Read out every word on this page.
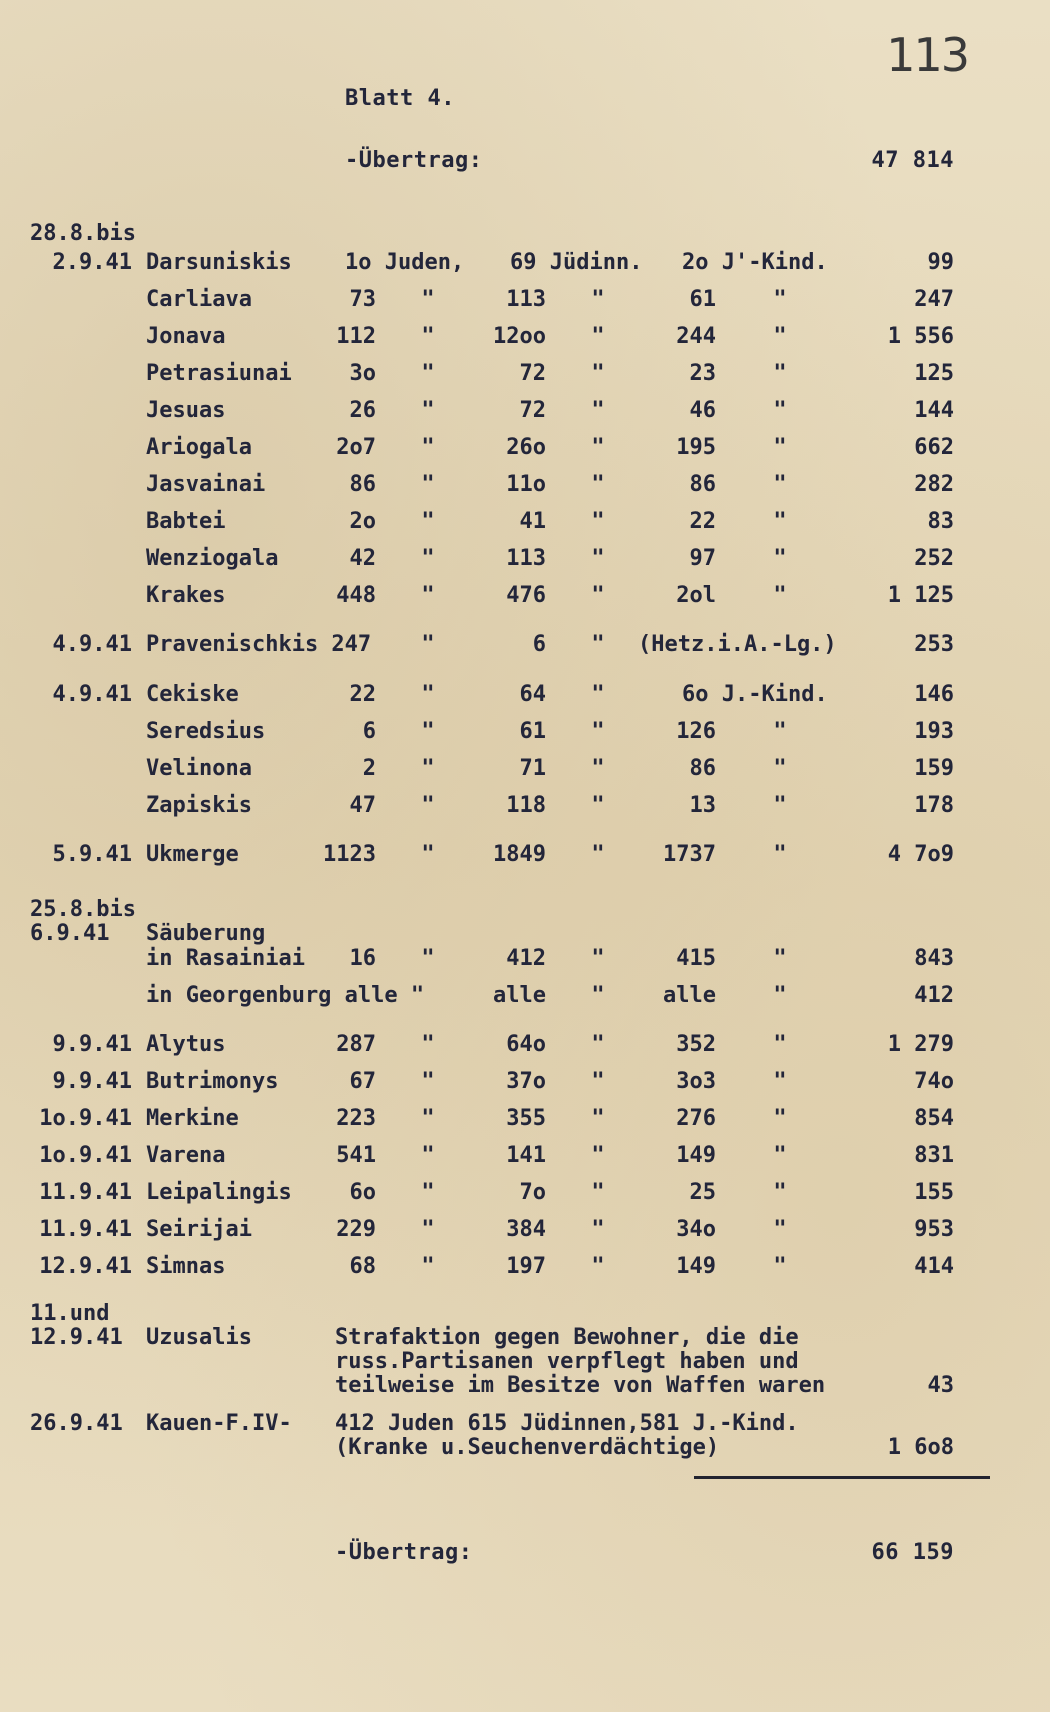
113
Blatt 4.
-Übertrag:	47 814
28.8.bis
2.9.41 Darsuniskis 1o Juden, 69 Jüdinn. 2o J'-Kind.	99
Carliava	73 "	113 "	61	"	247
Jonava	112 "	12oo "	244	"	1 556
Petrasiunai	3o "	72 "	23	"	125
Jesuas	26 "	72 "	46	"	144
Ariogala	2o7 "	26o "	195	"	662
Jasvainai	86 "	11o "	86	"	282
Babtei	2o "	41 "	22	"	83
Wenziogala	42 "	113 "	97	"	252
Krakes	448 "	476 "	2ol	"	1 125
4.9.41 Pravenischkis 247 "	6 " (Hetz.i.A.-Lg.)	253
4.9.41 Cekiske	22 "	64 "	6o J.-Kind.	146
Seredsius	6 "	61 "	126	"	193
Velinona	2 "	71 "	86	"	159
Zapiskis	47 "	118 "	13	"	178
5.9.41 Ukmerge	1123 "	1849 "	1737	"	4 7o9
25.8.bis
6.9.41 Säuberung
in Rasainiai	16 "	412 "	415	"	843
in Georgenburg alle "	alle "	alle	"	412
9.9.41 Alytus	287 "	64o "	352	"	1 279
9.9.41 Butrimonys	67 "	37o "	3o3	"	74o
1o.9.41 Merkine	223 "	355 "	276	"	854
1o.9.41 Varena	541 "	141 "	149	"	831
11.9.41 Leipalingis	6o "	7o "	25	"	155
11.9.41 Seirijai	229 "	384 "	34o	"	953
12.9.41 Simnas	68 "	197 "	149	"	414
11.und
12.9.41 Uzusalis	Strafaktion gegen Bewohner, die die
russ.Partisanen verpflegt haben und
teilweise im Besitze von Waffen waren	43
26.9.41 Kauen-F.IV- 412 Juden 615 Jüdinnen,581 J.-Kind.
(Kranke u.Seuchenverdächtige)	1 6o8
-Übertrag:	66 159
